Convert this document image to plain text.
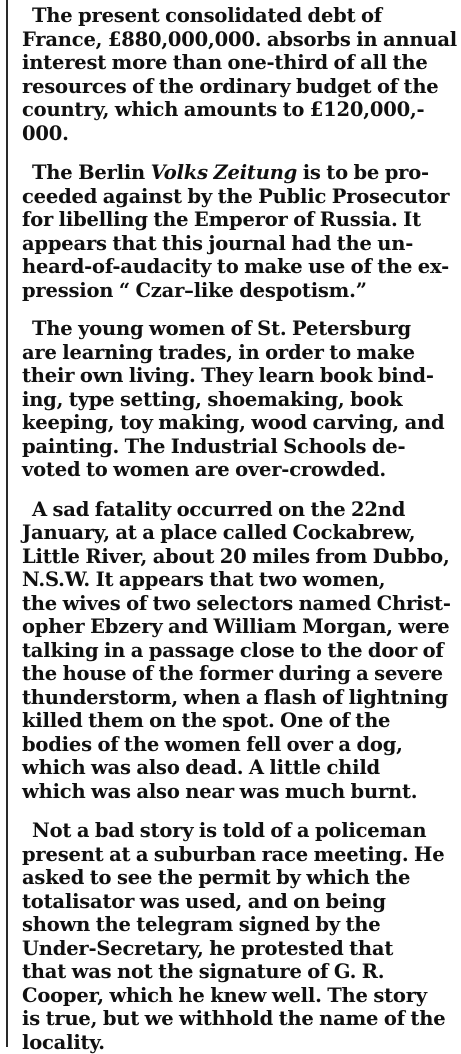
The present consolidated debt of
France, £880,000,000. absorbs in annual
interest more than one-third of all the
resources of the ordinary budget of the
country, which amounts to £120,000,-
000.

The Berlin Volks Zeitung is to be pro-
ceeded against by the Public Prosecutor
for libelling the Emperor of Russia. It
appears that this journal had the un-
heard-of-audacity to make use of the ex-
pression “ Czar–like despotism.”

The young women of St. Petersburg
are learning trades, in order to make
their own living. They learn book bind-
ing, type setting, shoemaking, book
keeping, toy making, wood carving, and
painting. The Industrial Schools de-
voted to women are over-crowded.

A sad fatality occurred on the 22nd
January, at a place called Cockabrew,
Little River, about 20 miles from Dubbo,
N.S.W. It appears that two women,
the wives of two selectors named Christ-
opher Ebzery and William Morgan, were
talking in a passage close to the door of
the house of the former during a severe
thunderstorm, when a flash of lightning
killed them on the spot. One of the
bodies of the women fell over a dog,
which was also dead. A little child
which was also near was much burnt.

Not a bad story is told of a policeman
present at a suburban race meeting. He
asked to see the permit by which the
totalisator was used, and on being
shown the telegram signed by the
Under-Secretary, he protested that
that was not the signature of G. R.
Cooper, which he knew well. The story
is true, but we withhold the name of the
locality.
